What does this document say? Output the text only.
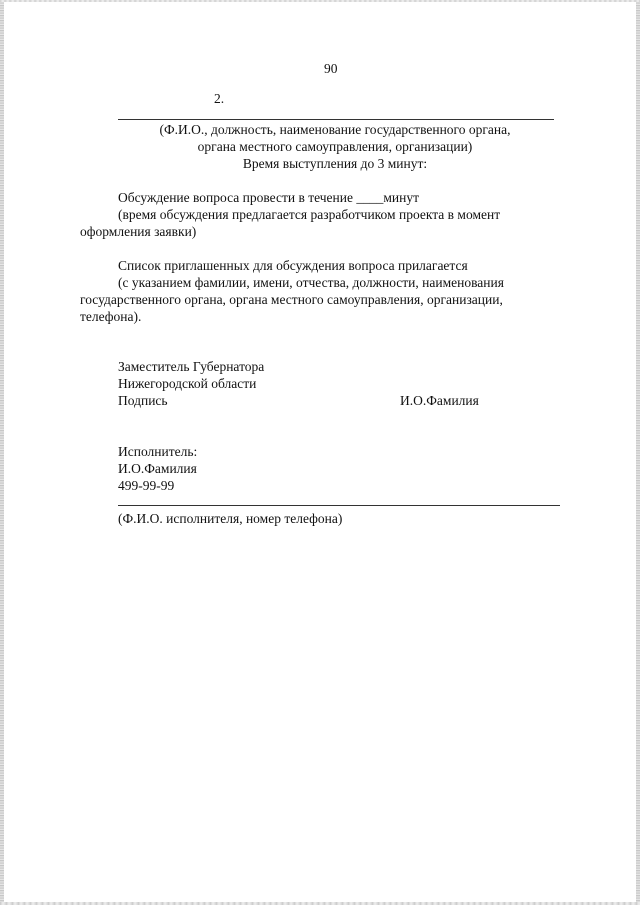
90
2.
(Ф.И.О., должность, наименование государственного органа,
органа местного самоуправления, организации)
Время выступления до 3 минут:
Обсуждение вопроса провести в течение ____минут
(время обсуждения предлагается разработчиком проекта в момент
оформления заявки)
Список приглашенных для обсуждения вопроса прилагается
(с указанием фамилии, имени, отчества, должности, наименования
государственного органа, органа местного самоуправления, организации,
телефона).
Заместитель Губернатора
Нижегородской области
Подпись	И.О.Фамилия
Исполнитель:
И.О.Фамилия
499-99-99
(Ф.И.О. исполнителя, номер телефона)
